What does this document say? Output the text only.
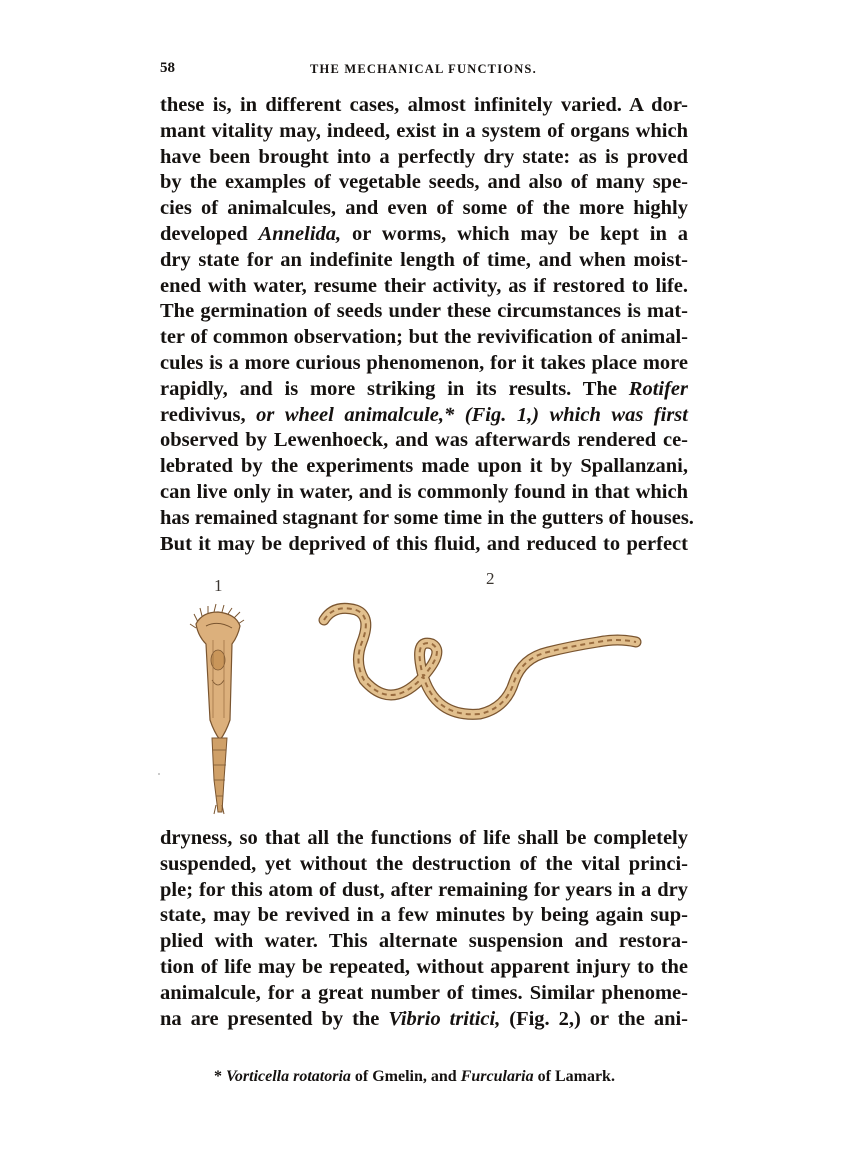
58	THE MECHANICAL FUNCTIONS.
these is, in different cases, almost infinitely varied. A dor-
mant vitality may, indeed, exist in a system of organs which
have been brought into a perfectly dry state: as is proved
by the examples of vegetable seeds, and also of many spe-
cies of animalcules, and even of some of the more highly
developed Annelida, or worms, which may be kept in a
dry state for an indefinite length of time, and when moist-
ened with water, resume their activity, as if restored to life.
The germination of seeds under these circumstances is mat-
ter of common observation; but the revivification of animal-
cules is a more curious phenomenon, for it takes place more
rapidly, and is more striking in its results. The Rotifer
redivivus, or wheel animalcule,* (Fig. 1,) which was first
observed by Lewenhoeck, and was afterwards rendered ce-
lebrated by the experiments made upon it by Spallanzani,
can live only in water, and is commonly found in that which
has remained stagnant for some time in the gutters of houses.
But it may be deprived of this fluid, and reduced to perfect
1	2
dryness, so that all the functions of life shall be completely
suspended, yet without the destruction of the vital princi-
ple; for this atom of dust, after remaining for years in a dry
state, may be revived in a few minutes by being again sup-
plied with water. This alternate suspension and restora-
tion of life may be repeated, without apparent injury to the
animalcule, for a great number of times. Similar phenome-
na are presented by the Vibrio tritici, (Fig. 2,) or the ani-
* Vorticella rotatoria of Gmelin, and Furcularia of Lamark.
